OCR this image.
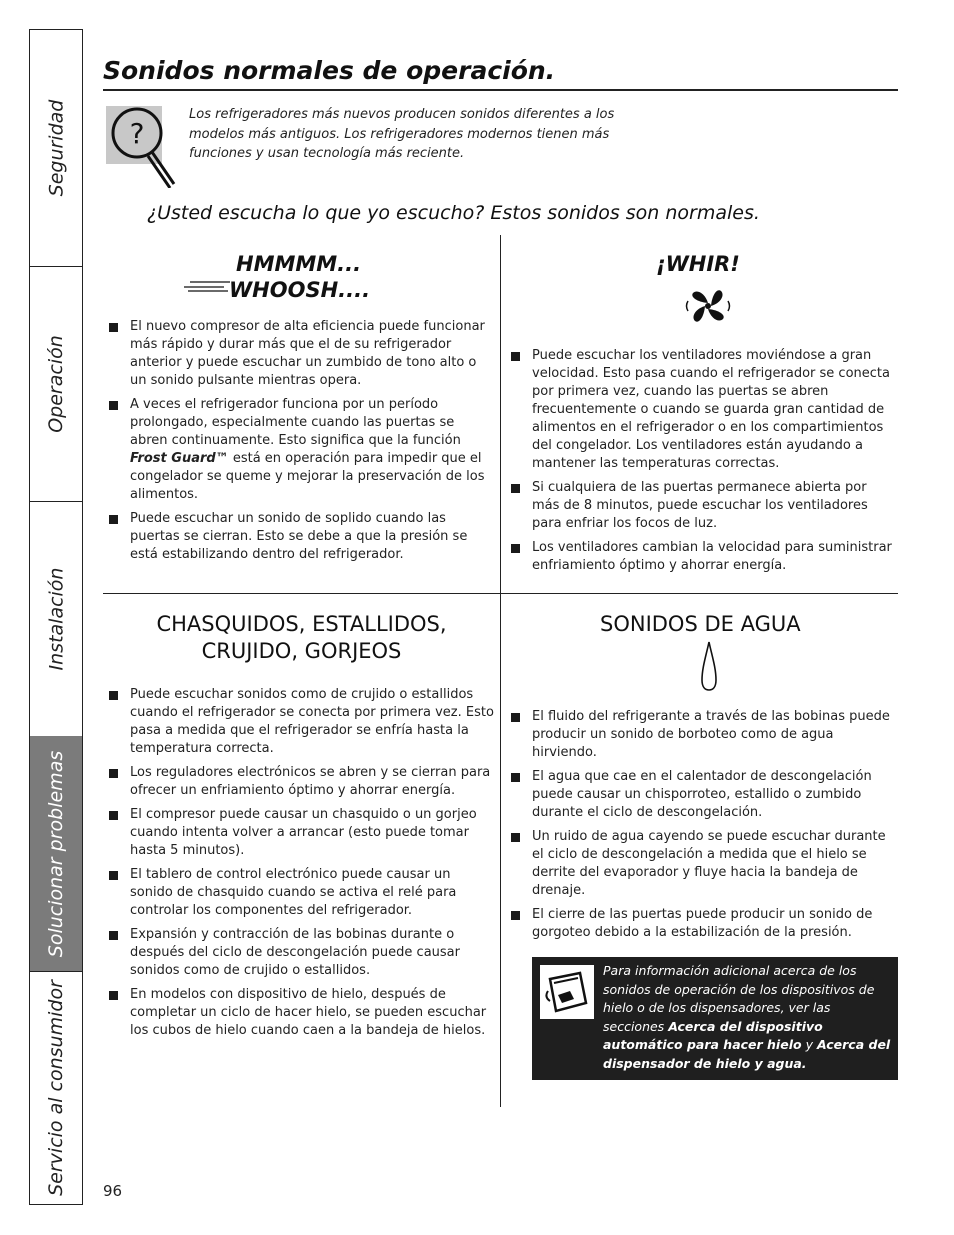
Seguridad
Operación
Instalación
Solucionar problemas
Servicio al consumidor
Sonidos normales de operación.
?
Los refrigeradores más nuevos producen sonidos diferentes a los modelos más antiguos. Los refrigeradores modernos tienen más funciones y usan tecnología más reciente.
¿Usted escucha lo que yo escucho? Estos sonidos son normales.
HMMMM...
WHOOSH....
El nuevo compresor de alta eficiencia puede funcionar más rápido y durar más que el de su refrigerador anterior y puede escuchar un zumbido de tono alto o un sonido pulsante mientras opera.
A veces el refrigerador funciona por un período prolongado, especialmente cuando las puertas se abren continuamente. Esto significa que la función Frost Guard™ está en operación para impedir que el congelador se queme y mejorar la preservación de los alimentos.
Puede escuchar un sonido de soplido cuando las puertas se cierran. Esto se debe a que la presión se está estabilizando dentro del refrigerador.
¡WHIR!
Puede escuchar los ventiladores moviéndose a gran velocidad. Esto pasa cuando el refrigerador se conecta por primera vez, cuando las puertas se abren frecuentemente o cuando se guarda gran cantidad de alimentos en el refrigerador o en los compartimientos del congelador. Los ventiladores están ayudando a mantener las temperaturas correctas.
Si cualquiera de las puertas permanece abierta por más de 8 minutos, puede escuchar los ventiladores para enfriar los focos de luz.
Los ventiladores cambian la velocidad para suministrar enfriamiento óptimo y ahorrar energía.
CHASQUIDOS, ESTALLIDOS,
CRUJIDO, GORJEOS
Puede escuchar sonidos como de crujido o estallidos cuando el refrigerador se conecta por primera vez. Esto pasa a medida que el refrigerador se enfría hasta la temperatura correcta.
Los reguladores electrónicos se abren y se cierran para ofrecer un enfriamiento óptimo y ahorrar energía.
El compresor puede causar un chasquido o un gorjeo cuando intenta volver a arrancar (esto puede tomar hasta 5 minutos).
El tablero de control electrónico puede causar un sonido de chasquido cuando se activa el relé para controlar los componentes del refrigerador.
Expansión y contracción de las bobinas durante o después del ciclo de descongelación puede causar sonidos como de crujido o estallidos.
En modelos con dispositivo de hielo, después de completar un ciclo de hacer hielo, se pueden escuchar los cubos de hielo cuando caen a la bandeja de hielos.
SONIDOS DE AGUA
El fluido del refrigerante a través de las bobinas puede producir un sonido de borboteo como de agua hirviendo.
El agua que cae en el calentador de descongelación puede causar un chisporroteo, estallido o zumbido durante el ciclo de descongelación.
Un ruido de agua cayendo se puede escuchar durante el ciclo de descongelación a medida que el hielo se derrite del evaporador y fluye hacia la bandeja de drenaje.
El cierre de las puertas puede producir un sonido de gorgoteo debido a la estabilización de la presión.
Para información adicional acerca de los sonidos de operación de los dispositivos de hielo o de los dispensadores, ver las secciones Acerca del dispositivo automático para hacer hielo y Acerca del dispensador de hielo y agua.
96
